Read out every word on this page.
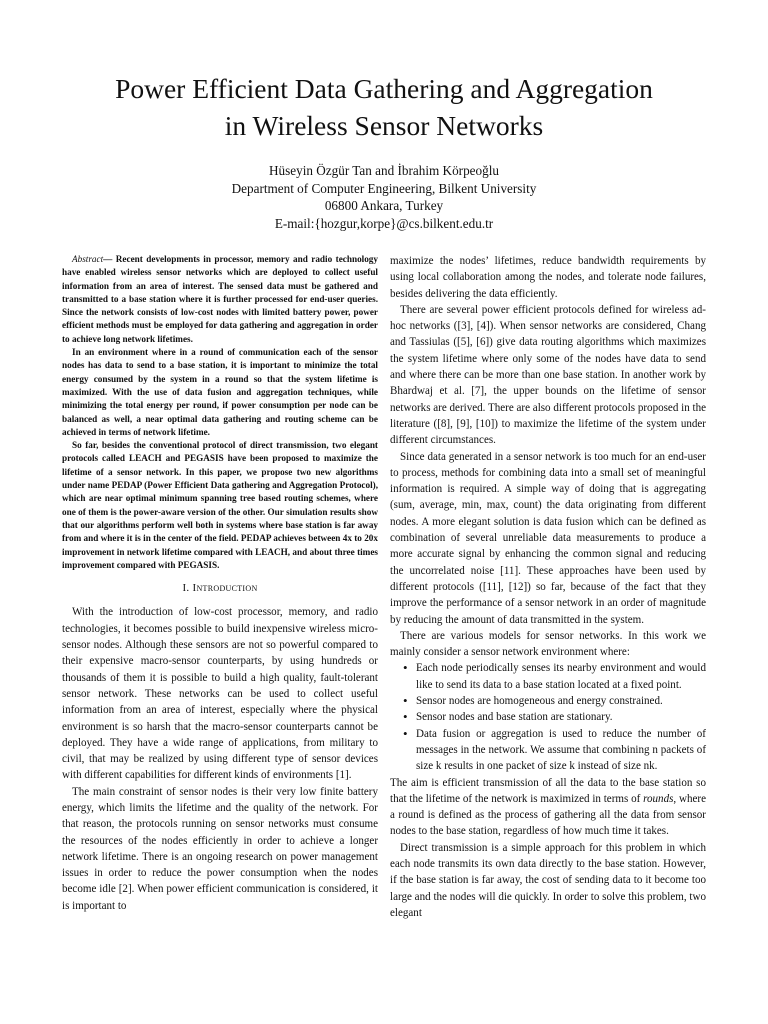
Power Efficient Data Gathering and Aggregation
in Wireless Sensor Networks
Hüseyin Özgür Tan and İbrahim Körpeoğlu
Department of Computer Engineering, Bilkent University
06800 Ankara, Turkey
E-mail:{hozgur,korpe}@cs.bilkent.edu.tr

Abstract— Recent developments in processor, memory and radio technology have enabled wireless sensor networks which are deployed to collect useful information from an area of interest. The sensed data must be gathered and transmitted to a base station where it is further processed for end-user queries. Since the network consists of low-cost nodes with limited battery power, power efficient methods must be employed for data gathering and aggregation in order to achieve long network lifetimes.

In an environment where in a round of communication each of the sensor nodes has data to send to a base station, it is important to minimize the total energy consumed by the system in a round so that the system lifetime is maximized. With the use of data fusion and aggregation techniques, while minimizing the total energy per round, if power consumption per node can be balanced as well, a near optimal data gathering and routing scheme can be achieved in terms of network lifetime.

So far, besides the conventional protocol of direct transmission, two elegant protocols called LEACH and PEGASIS have been proposed to maximize the lifetime of a sensor network. In this paper, we propose two new algorithms under name PEDAP (Power Efficient Data gathering and Aggregation Protocol), which are near optimal minimum spanning tree based routing schemes, where one of them is the power-aware version of the other. Our simulation results show that our algorithms perform well both in systems where base station is far away from and where it is in the center of the field. PEDAP achieves between 4x to 20x improvement in network lifetime compared with LEACH, and about three times improvement compared with PEGASIS.

I. Introduction

With the introduction of low-cost processor, memory, and radio technologies, it becomes possible to build inexpensive wireless micro-sensor nodes. Although these sensors are not so powerful compared to their expensive macro-sensor counterparts, by using hundreds or thousands of them it is possible to build a high quality, fault-tolerant sensor network. These networks can be used to collect useful information from an area of interest, especially where the physical environment is so harsh that the macro-sensor counterparts cannot be deployed. They have a wide range of applications, from military to civil, that may be realized by using different type of sensor devices with different capabilities for different kinds of environments [1].

The main constraint of sensor nodes is their very low finite battery energy, which limits the lifetime and the quality of the network. For that reason, the protocols running on sensor networks must consume the resources of the nodes efficiently in order to achieve a longer network lifetime. There is an ongoing research on power management issues in order to reduce the power consumption when the nodes become idle [2]. When power efficient communication is considered, it is important to

maximize the nodes’ lifetimes, reduce bandwidth requirements by using local collaboration among the nodes, and tolerate node failures, besides delivering the data efficiently.

There are several power efficient protocols defined for wireless ad-hoc networks ([3], [4]). When sensor networks are considered, Chang and Tassiulas ([5], [6]) give data routing algorithms which maximizes the system lifetime where only some of the nodes have data to send and where there can be more than one base station. In another work by Bhardwaj et al. [7], the upper bounds on the lifetime of sensor networks are derived. There are also different protocols proposed in the literature ([8], [9], [10]) to maximize the lifetime of the system under different circumstances.

Since data generated in a sensor network is too much for an end-user to process, methods for combining data into a small set of meaningful information is required. A simple way of doing that is aggregating (sum, average, min, max, count) the data originating from different nodes. A more elegant solution is data fusion which can be defined as combination of several unreliable data measurements to produce a more accurate signal by enhancing the common signal and reducing the uncorrelated noise [11]. These approaches have been used by different protocols ([11], [12]) so far, because of the fact that they improve the performance of a sensor network in an order of magnitude by reducing the amount of data transmitted in the system.

There are various models for sensor networks. In this work we mainly consider a sensor network environment where:

• Each node periodically senses its nearby environment and would like to send its data to a base station located at a fixed point.
• Sensor nodes are homogeneous and energy constrained.
• Sensor nodes and base station are stationary.
• Data fusion or aggregation is used to reduce the number of messages in the network. We assume that combining n packets of size k results in one packet of size k instead of size nk.

The aim is efficient transmission of all the data to the base station so that the lifetime of the network is maximized in terms of rounds, where a round is defined as the process of gathering all the data from sensor nodes to the base station, regardless of how much time it takes.

Direct transmission is a simple approach for this problem in which each node transmits its own data directly to the base station. However, if the base station is far away, the cost of sending data to it become too large and the nodes will die quickly. In order to solve this problem, two elegant
